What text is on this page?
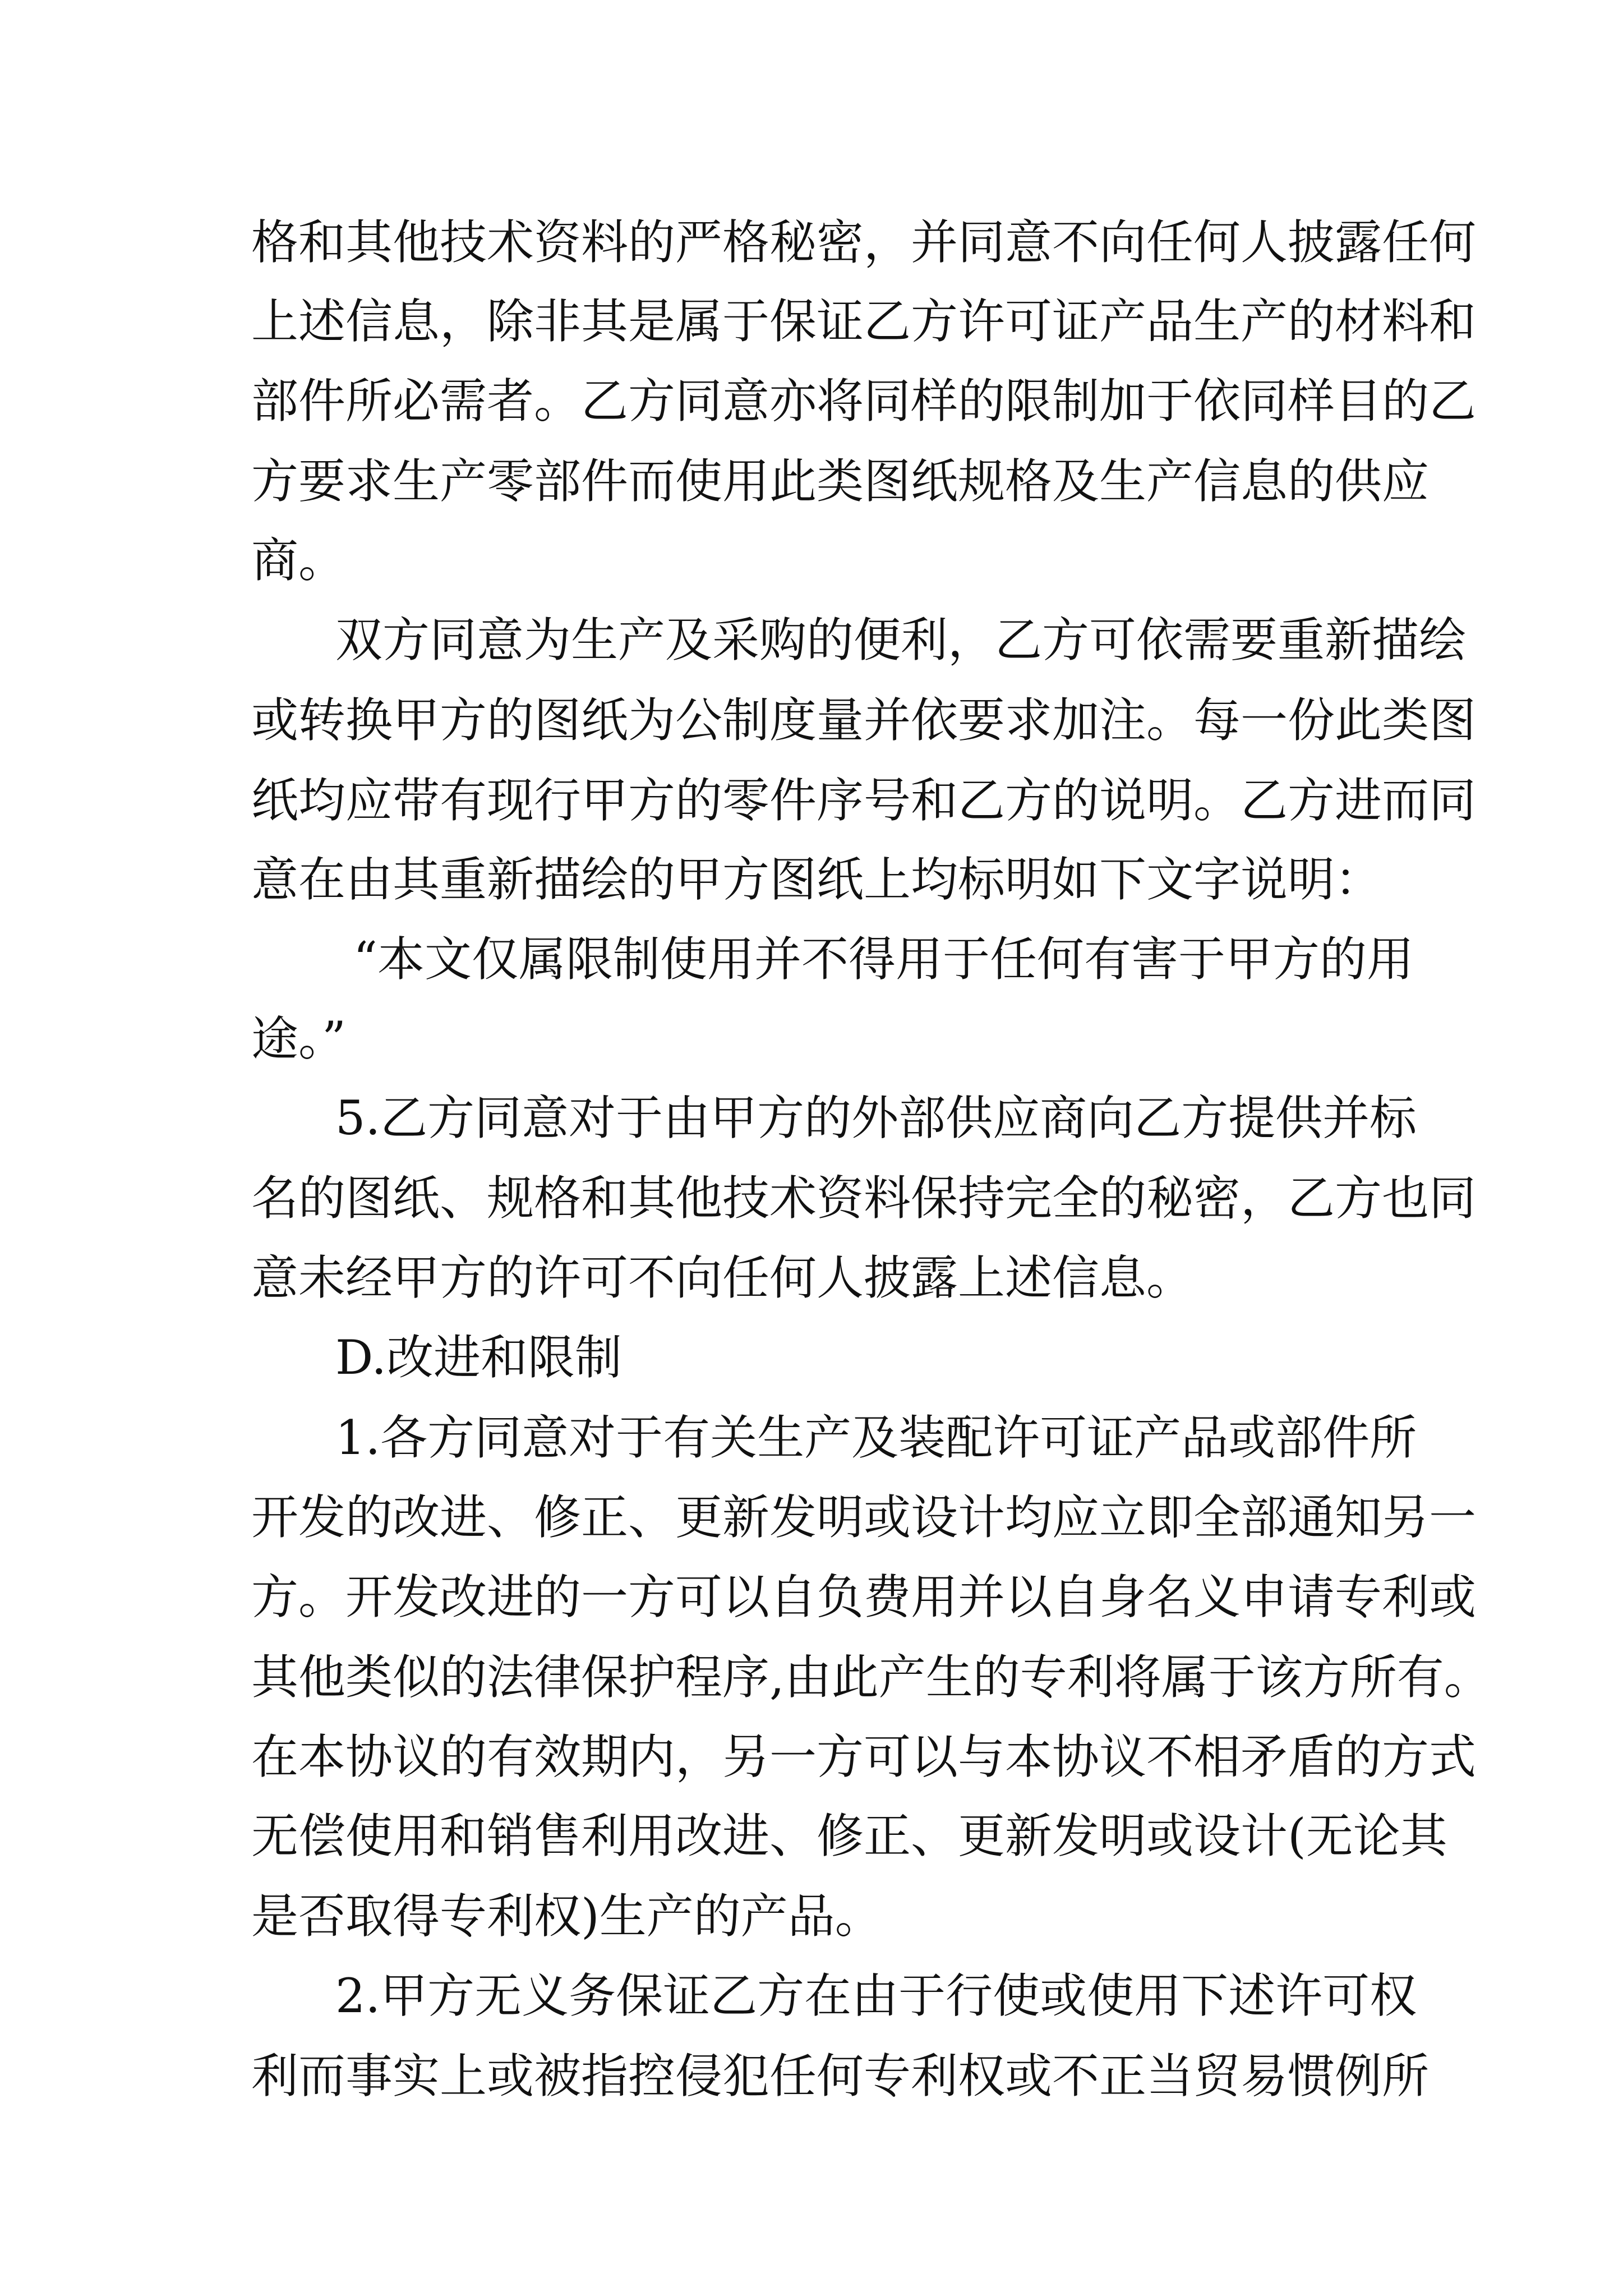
格和其他技术资料的严格秘密，并同意不向任何人披露任何
上述信息，除非其是属于保证乙方许可证产品生产的材料和
部件所必需者。乙方同意亦将同样的限制加于依同样目的乙
方要求生产零部件而使用此类图纸规格及生产信息的供应
商。
双方同意为生产及采购的便利，乙方可依需要重新描绘
或转换甲方的图纸为公制度量并依要求加注。每一份此类图
纸均应带有现行甲方的零件序号和乙方的说明。乙方进而同
意在由其重新描绘的甲方图纸上均标明如下文字说明：
“本文仅属限制使用并不得用于任何有害于甲方的用
途。”
5.乙方同意对于由甲方的外部供应商向乙方提供并标
名的图纸、规格和其他技术资料保持完全的秘密，乙方也同
意未经甲方的许可不向任何人披露上述信息。
D.改进和限制
1.各方同意对于有关生产及装配许可证产品或部件所
开发的改进、修正、更新发明或设计均应立即全部通知另一
方。开发改进的一方可以自负费用并以自身名义申请专利或
其他类似的法律保护程序,由此产生的专利将属于该方所有。
在本协议的有效期内，另一方可以与本协议不相矛盾的方式
无偿使用和销售利用改进、修正、更新发明或设计(无论其
是否取得专利权)生产的产品。
2.甲方无义务保证乙方在由于行使或使用下述许可权
利而事实上或被指控侵犯任何专利权或不正当贸易惯例所
